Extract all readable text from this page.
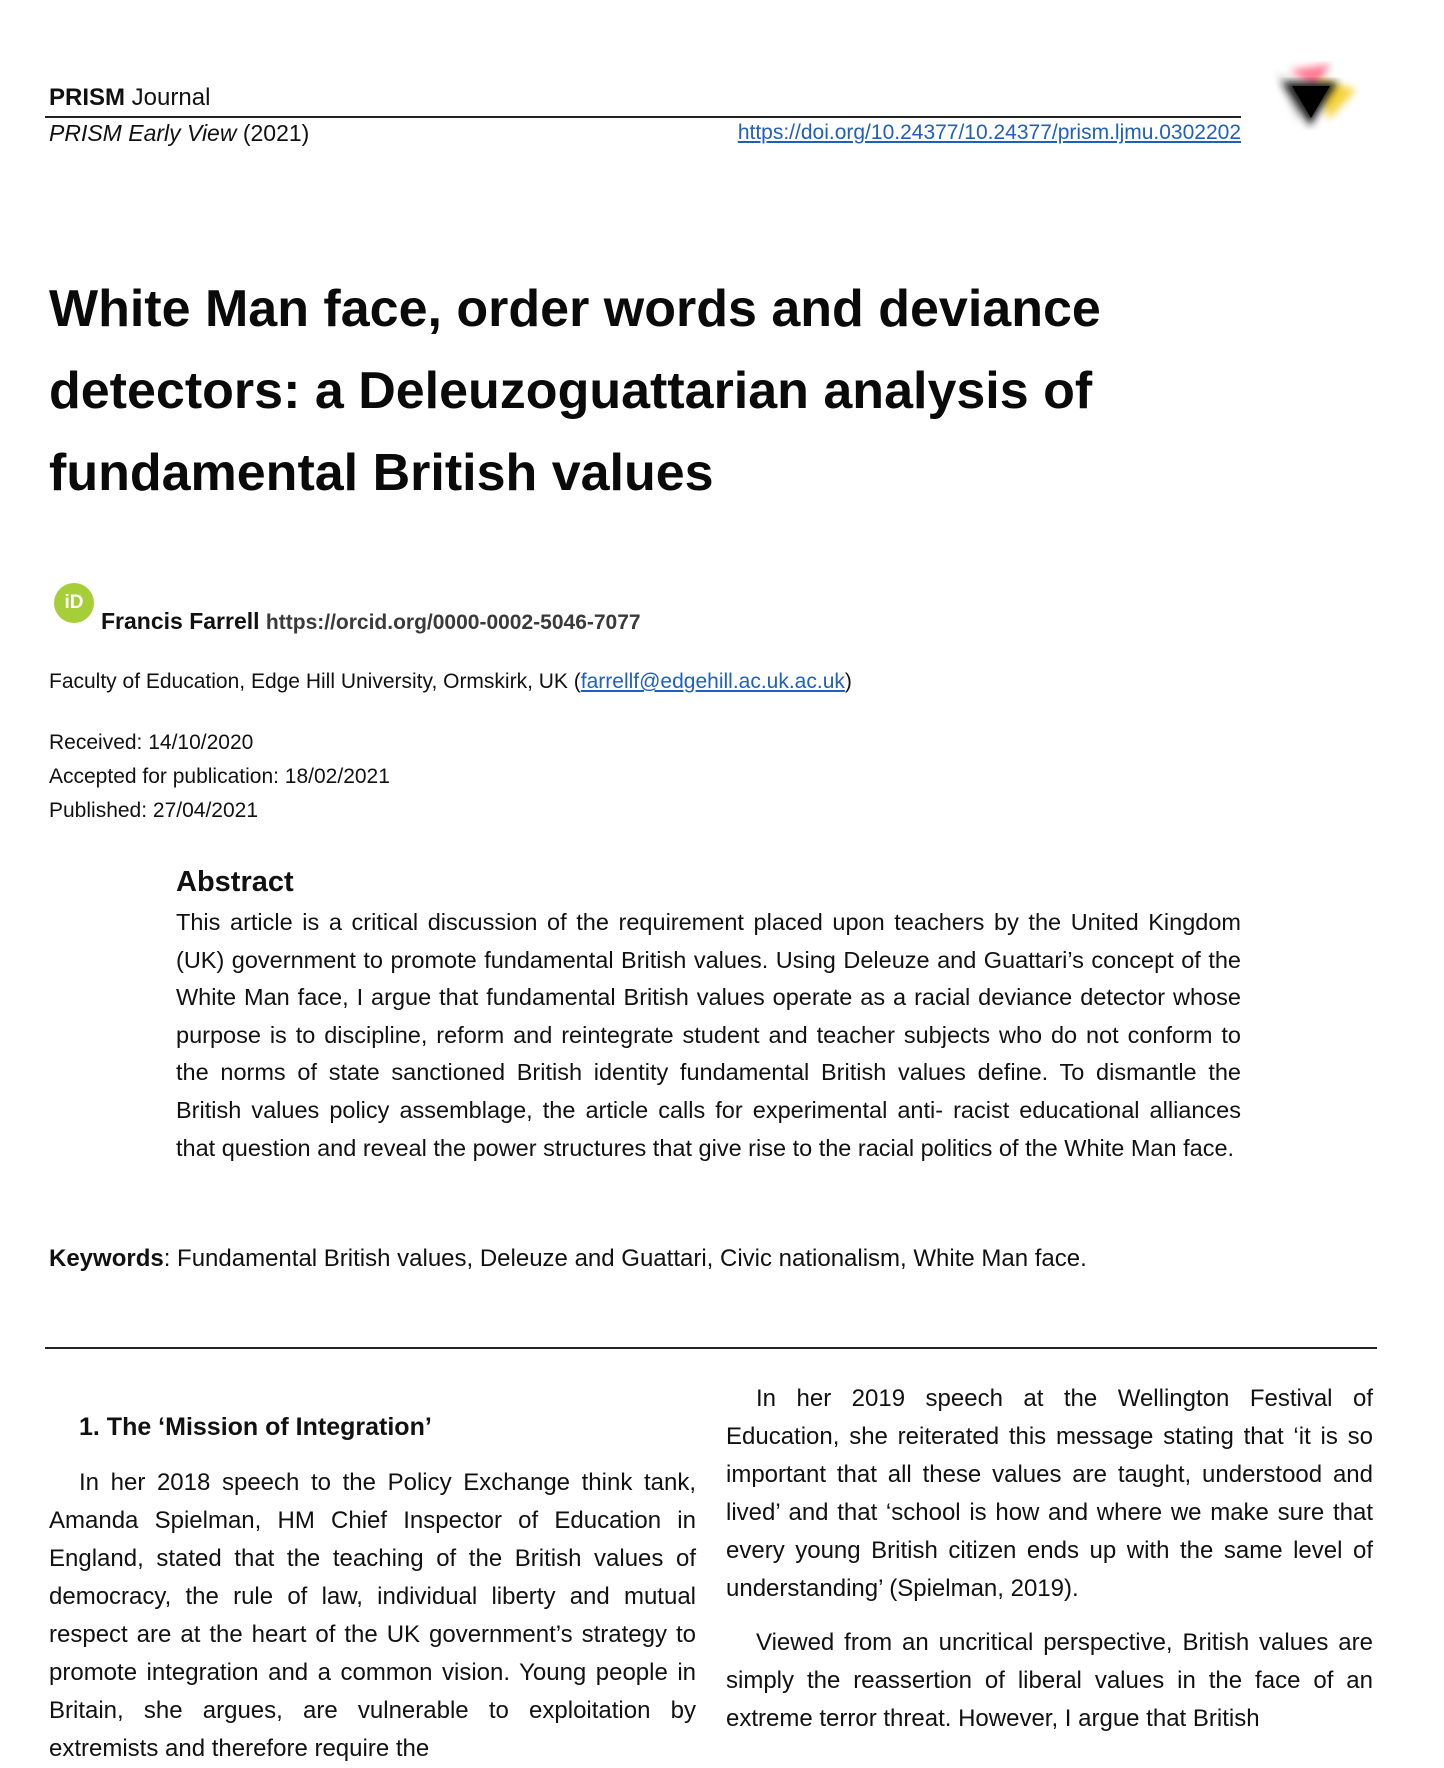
PRISM Journal
PRISM Early View (2021)	https://doi.org/10.24377/10.24377/prism.ljmu.0302202
White Man face, order words and deviance detectors: a Deleuzoguattarian analysis of fundamental British values
iD
Francis Farrell https://orcid.org/0000-0002-5046-7077
Faculty of Education, Edge Hill University, Ormskirk, UK (farrellf@edgehill.ac.uk.ac.uk)
Received: 14/10/2020
Accepted for publication: 18/02/2021
Published: 27/04/2021
Abstract
This article is a critical discussion of the requirement placed upon teachers by the United Kingdom (UK) government to promote fundamental British values. Using Deleuze and Guattari’s concept of the White Man face, I argue that fundamental British values operate as a racial deviance detector whose purpose is to discipline, reform and reintegrate student and teacher subjects who do not conform to the norms of state sanctioned British identity fundamental British values define. To dismantle the British values policy assemblage, the article calls for experimental anti- racist educational alliances that question and reveal the power structures that give rise to the racial politics of the White Man face.
Keywords: Fundamental British values, Deleuze and Guattari, Civic nationalism, White Man face.
1. The ‘Mission of Integration’

In her 2018 speech to the Policy Exchange think tank, Amanda Spielman, HM Chief Inspector of Education in England, stated that the teaching of the British values of democracy, the rule of law, individual liberty and mutual respect are at the heart of the UK government’s strategy to promote integration and a common vision. Young people in Britain, she argues, are vulnerable to exploitation by extremists and therefore require the

In her 2019 speech at the Wellington Festival of Education, she reiterated this message stating that ‘it is so important that all these values are taught, understood and lived’ and that ‘school is how and where we make sure that every young British citizen ends up with the same level of understanding’ (Spielman, 2019).

Viewed from an uncritical perspective, British values are simply the reassertion of liberal values in the face of an extreme terror threat. However, I argue that British
